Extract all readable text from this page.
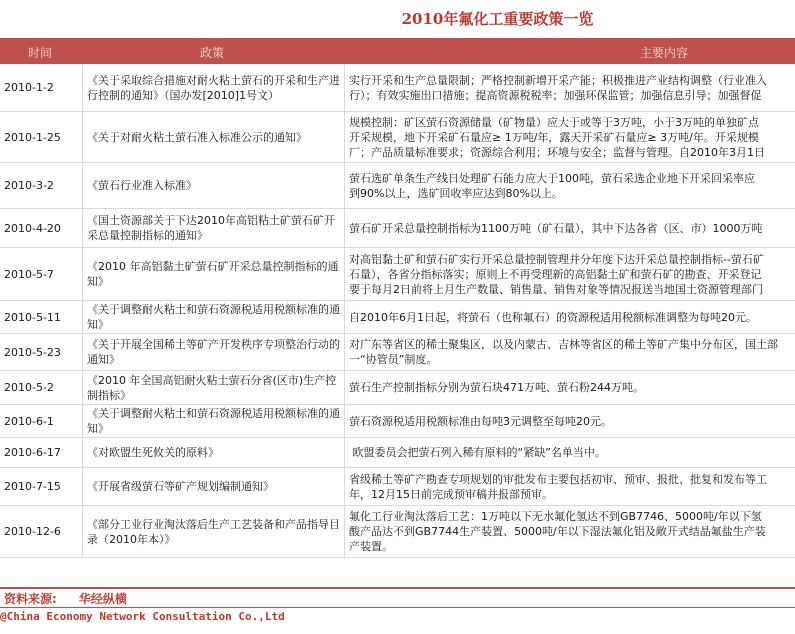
2010年氟化工重要政策一览
时间	政策	主要内容
2010-1-2
《关于采取综合措施对耐火粘土萤石的开采和生产进行控制的通知》（国办发[2010]1号文）
实行开采和生产总量限制；严格控制新增开采产能；积极推进产业结构调整（行业准入
行）；有效实施出口措施；提高资源税税率；加强环保监管；加强信息引导；加强督促
2010-1-25	《关于对耐火粘土萤石准入标准公示的通知》
规模控制：矿区萤石资源储量（矿物量）应大于或等于3万吨，小于3万吨的单独矿点
开采规模，地下开采矿石量应≥ 1万吨/年，露天开采矿石量应≥ 3万吨/年。开采规模
厂；产品质量标准要求；资源综合利用；环境与安全；监督与管理。自2010年3月1日
2010-3-2	《萤石行业准入标准》
萤石选矿单条生产线日处理矿石能力应大于100吨，萤石采选企业地下开采回采率应
到90%以上，选矿回收率应达到80%以上。
2010-4-20
《国土资源部关于下达2010年高铝粘土矿萤石矿开采总量控制指标的通知》
萤石矿开采总量控制指标为1100万吨（矿石量），其中下达各省（区、市）1000万吨
2010-5-7
《2010 年高铝黏土矿萤石矿开采总量控制指标的通知》
对高铝黏土矿和萤石矿实行开采总量控制管理并分年度下达开采总量控制指标--萤石矿
石量），各省分指标落实；原则上不再受理新的高铝黏土矿和萤石矿的勘查、开采登记
要于每月2日前将上月生产数量、销售量、销售对象等情况报送当地国土资源管理部门
2010-5-11
《关于调整耐火粘土和萤石资源税适用税额标准的通知》
自2010年6月1日起，将萤石（也称氟石）的资源税适用税额标准调整为每吨20元。
2010-5-23
《关于开展全国稀土等矿产开发秩序专项整治行动的通知》
对广东等省区的稀土聚集区，以及内蒙古、吉林等省区的稀土等矿产集中分布区，国土部
一“协管员”制度。
2010-5-2
《2010 年全国高铝耐火粘土萤石分省(区市)生产控制指标》
萤石生产控制指标分别为萤石块471万吨、萤石粉244万吨。
2010-6-1
《关于调整耐火粘土和萤石资源税适用税额标准的通知》
萤石资源税适用税额标准由每吨3元调整至每吨20元。
2010-6-17	《对欧盟生死攸关的原料》	欧盟委员会把萤石列入稀有原料的“紧缺”名单当中。
2010-7-15	《开展省级萤石等矿产规划编制通知》
省级稀土等矿产勘查专项规划的审批发布主要包括初审、预审、报批、批复和发布等工
年，12月15日前完成预审稿并报部预审。
2010-12-6
《部分工业行业淘汰落后生产工艺装备和产品指导目录（2010年本）》
氟化工行业淘汰落后工艺：1万吨以下无水氟化氢达不到GB7746、5000吨/年以下氢
酸产品达不到GB7744生产装置、5000吨/年以下湿法氟化铝及敞开式结晶氟盐生产装
产装置。
资料来源: 华经纵横
@China Economy Network Consultation Co.,Ltd
